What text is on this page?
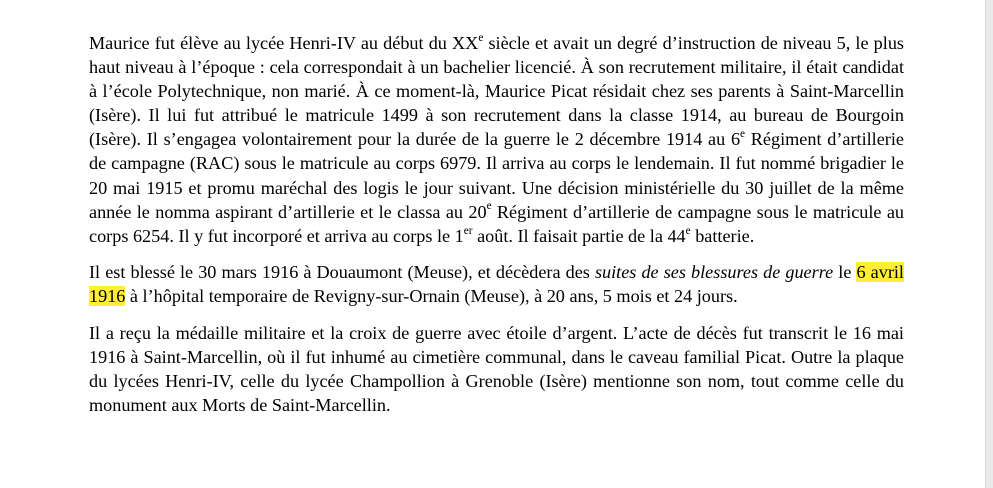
Maurice fut élève au lycée Henri-IV au début du XXe siècle et avait un degré d’instruction de niveau 5, le plus haut niveau à l’époque : cela correspondait à un bachelier licencié. À son recrutement militaire, il était candidat à l’école Polytechnique, non marié. À ce moment-là, Maurice Picat résidait chez ses parents à Saint-Marcellin (Isère). Il lui fut attribué le matricule 1499 à son recrutement dans la classe 1914, au bureau de Bourgoin (Isère). Il s’engagea volontairement pour la durée de la guerre le 2 décembre 1914 au 6e Régiment d’artillerie de campagne (RAC) sous le matricule au corps 6979. Il arriva au corps le lendemain. Il fut nommé brigadier le 20 mai 1915 et promu maréchal des logis le jour suivant. Une décision ministérielle du 30 juillet de la même année le nomma aspirant d’artillerie et le classa au 20e Régiment d’artillerie de campagne sous le matricule au corps 6254. Il y fut incorporé et arriva au corps le 1er août. Il faisait partie de la 44e batterie.

Il est blessé le 30 mars 1916 à Douaumont (Meuse), et décèdera des suites de ses blessures de guerre le 6 avril 1916 à l’hôpital temporaire de Revigny-sur-Ornain (Meuse), à 20 ans, 5 mois et 24 jours.

Il a reçu la médaille militaire et la croix de guerre avec étoile d’argent. L’acte de décès fut transcrit le 16 mai 1916 à Saint-Marcellin, où il fut inhumé au cimetière communal, dans le caveau familial Picat. Outre la plaque du lycées Henri-IV, celle du lycée Champollion à Grenoble (Isère) mentionne son nom, tout comme celle du monument aux Morts de Saint-Marcellin.
